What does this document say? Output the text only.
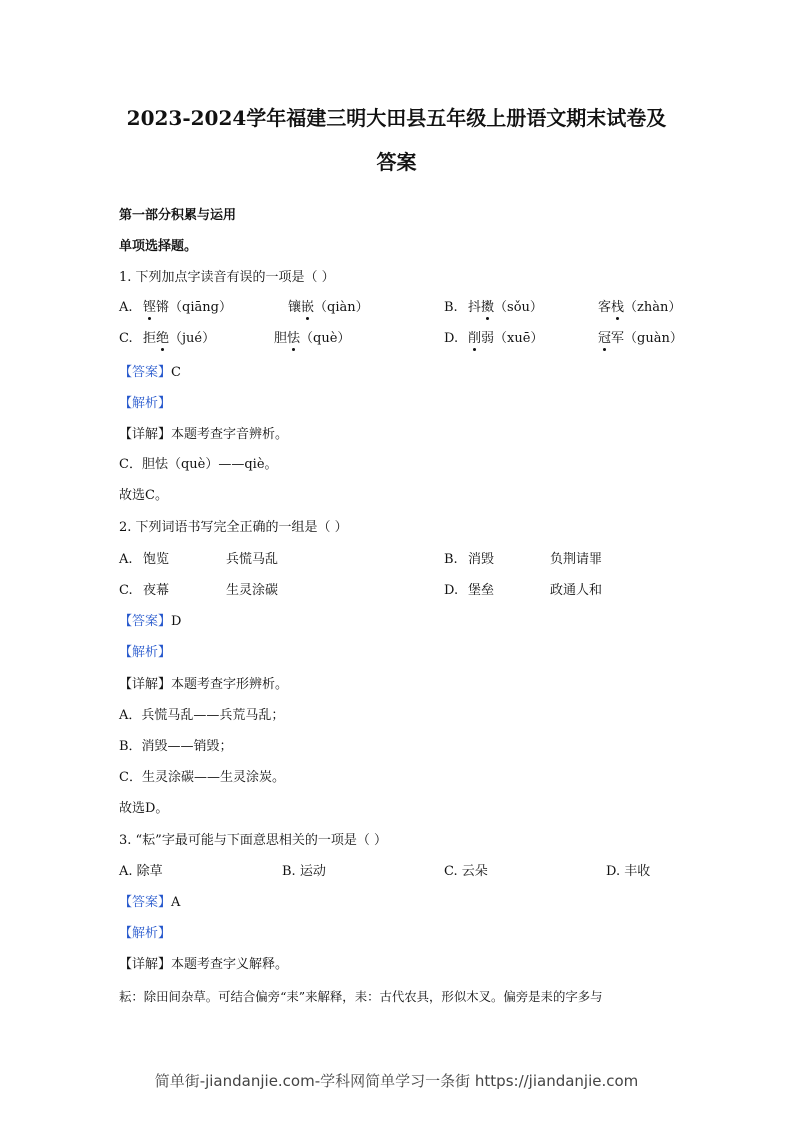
2023-2024学年福建三明大田县五年级上册语文期末试卷及
答案
第一部分积累与运用
单项选择题。
1. 下列加点字读音有误的一项是（ ）
A. 铿锵（qiāng）	镶嵌（qiàn）	B. 抖擞（sǒu）	客栈（zhàn）
C. 拒绝（jué）	胆怯（què）	D. 削弱（xuē）	冠军（guàn）
【答案】C
【解析】
【详解】本题考查字音辨析。
C．胆怯（què）——qiè。
故选C。
2. 下列词语书写完全正确的一组是（ ）
A. 饱览	兵慌马乱	B. 消毁	负荆请罪
C. 夜幕	生灵涂碳	D. 堡垒	政通人和
【答案】D
【解析】
【详解】本题考查字形辨析。
A．兵慌马乱——兵荒马乱；
B．消毁——销毁；
C．生灵涂碳——生灵涂炭。
故选D。
3. “耘”字最可能与下面意思相关的一项是（ ）
A. 除草	B. 运动	C. 云朵	D. 丰收
【答案】A
【解析】
【详解】本题考查字义解释。
耘：除田间杂草。可结合偏旁“耒”来解释，耒：古代农具，形似木叉。偏旁是耒的字多与
简单街-jiandanjie.com-学科网简单学习一条街 https://jiandanjie.com
